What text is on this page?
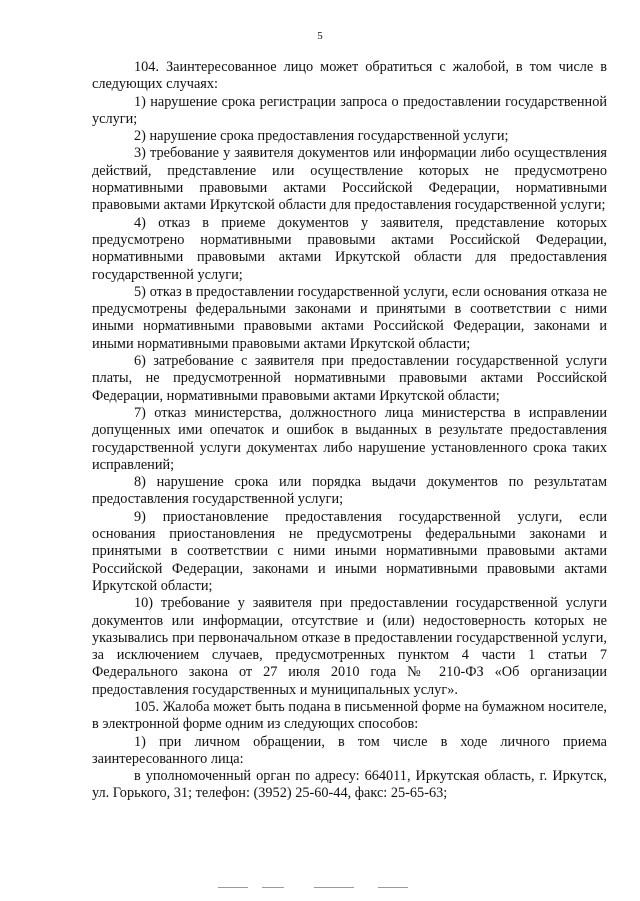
5

104. Заинтересованное лицо может обратиться с жалобой, в том числе в следующих случаях:

1) нарушение срока регистрации запроса о предоставлении государственной услуги;

2) нарушение срока предоставления государственной услуги;

3) требование у заявителя документов или информации либо осуществления действий, представление или осуществление которых не предусмотрено нормативными правовыми актами Российской Федерации, нормативными правовыми актами Иркутской области для предоставления государственной услуги;

4) отказ в приеме документов у заявителя, представление которых предусмотрено нормативными правовыми актами Российской Федерации, нормативными правовыми актами Иркутской области для предоставления государственной услуги;

5) отказ в предоставлении государственной услуги, если основания отказа не предусмотрены федеральными законами и принятыми в соответствии с ними иными нормативными правовыми актами Российской Федерации, законами и иными нормативными правовыми актами Иркутской области;

6) затребование с заявителя при предоставлении государственной услуги платы, не предусмотренной нормативными правовыми актами Российской Федерации, нормативными правовыми актами Иркутской области;

7) отказ министерства, должностного лица министерства в исправлении допущенных ими опечаток и ошибок в выданных в результате предоставления государственной услуги документах либо нарушение установленного срока таких исправлений;

8) нарушение срока или порядка выдачи документов по результатам предоставления государственной услуги;

9) приостановление предоставления государственной услуги, если основания приостановления не предусмотрены федеральными законами и принятыми в соответствии с ними иными нормативными правовыми актами Российской Федерации, законами и иными нормативными правовыми актами Иркутской области;

10) требование у заявителя при предоставлении государственной услуги документов или информации, отсутствие и (или) недостоверность которых не указывались при первоначальном отказе в предоставлении государственной услуги, за исключением случаев, предусмотренных пунктом 4 части 1 статьи 7 Федерального закона от 27 июля 2010 года № 210-ФЗ «Об организации предоставления государственных и муниципальных услуг».

105. Жалоба может быть подана в письменной форме на бумажном носителе, в электронной форме одним из следующих способов:

1) при личном обращении, в том числе в ходе личного приема заинтересованного лица:

в уполномоченный орган по адресу: 664011, Иркутская область, г. Иркутск, ул. Горького, 31; телефон: (3952) 25-60-44, факс: 25-65-63;
